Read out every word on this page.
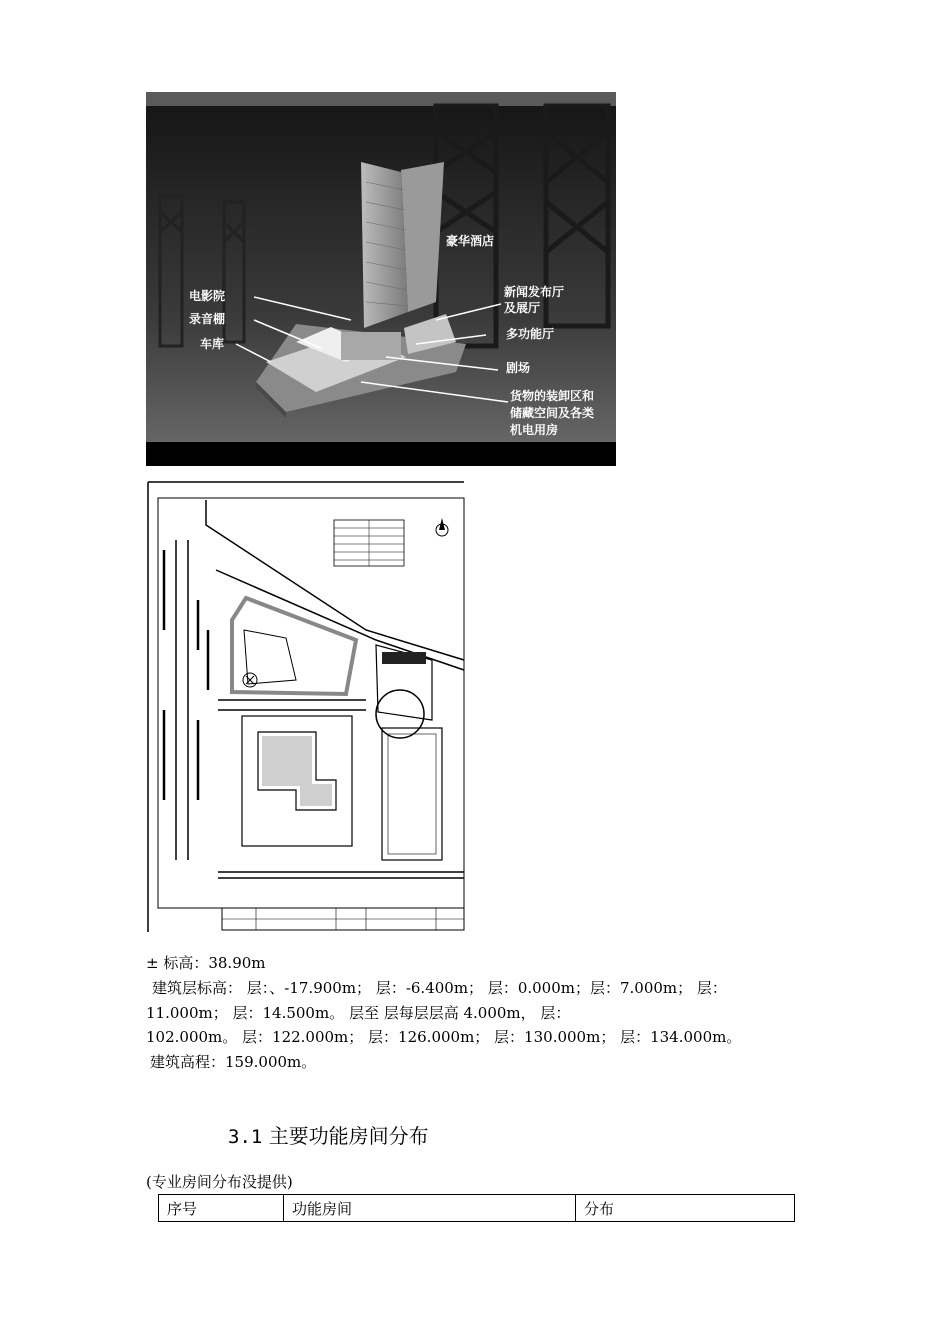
豪华酒店
电影院
录音棚
车库
新闻发布厅
及展厅
多功能厅
剧场
货物的装卸区和
储藏空间及各类
机电用房
± 标高：38.90m
建筑层标高： 层：、-17.900m； 层：-6.400m； 层：0.000m；层：7.000m； 层：
11.000m； 层：14.500m。 层至 层每层层高 4.000m， 层：
102.000m。 层：122.000m； 层：126.000m； 层：130.000m； 层：134.000m。
建筑高程：159.000m。
3.1 主要功能房间分布
(专业房间分布没提供)
序号	功能房间	分布
